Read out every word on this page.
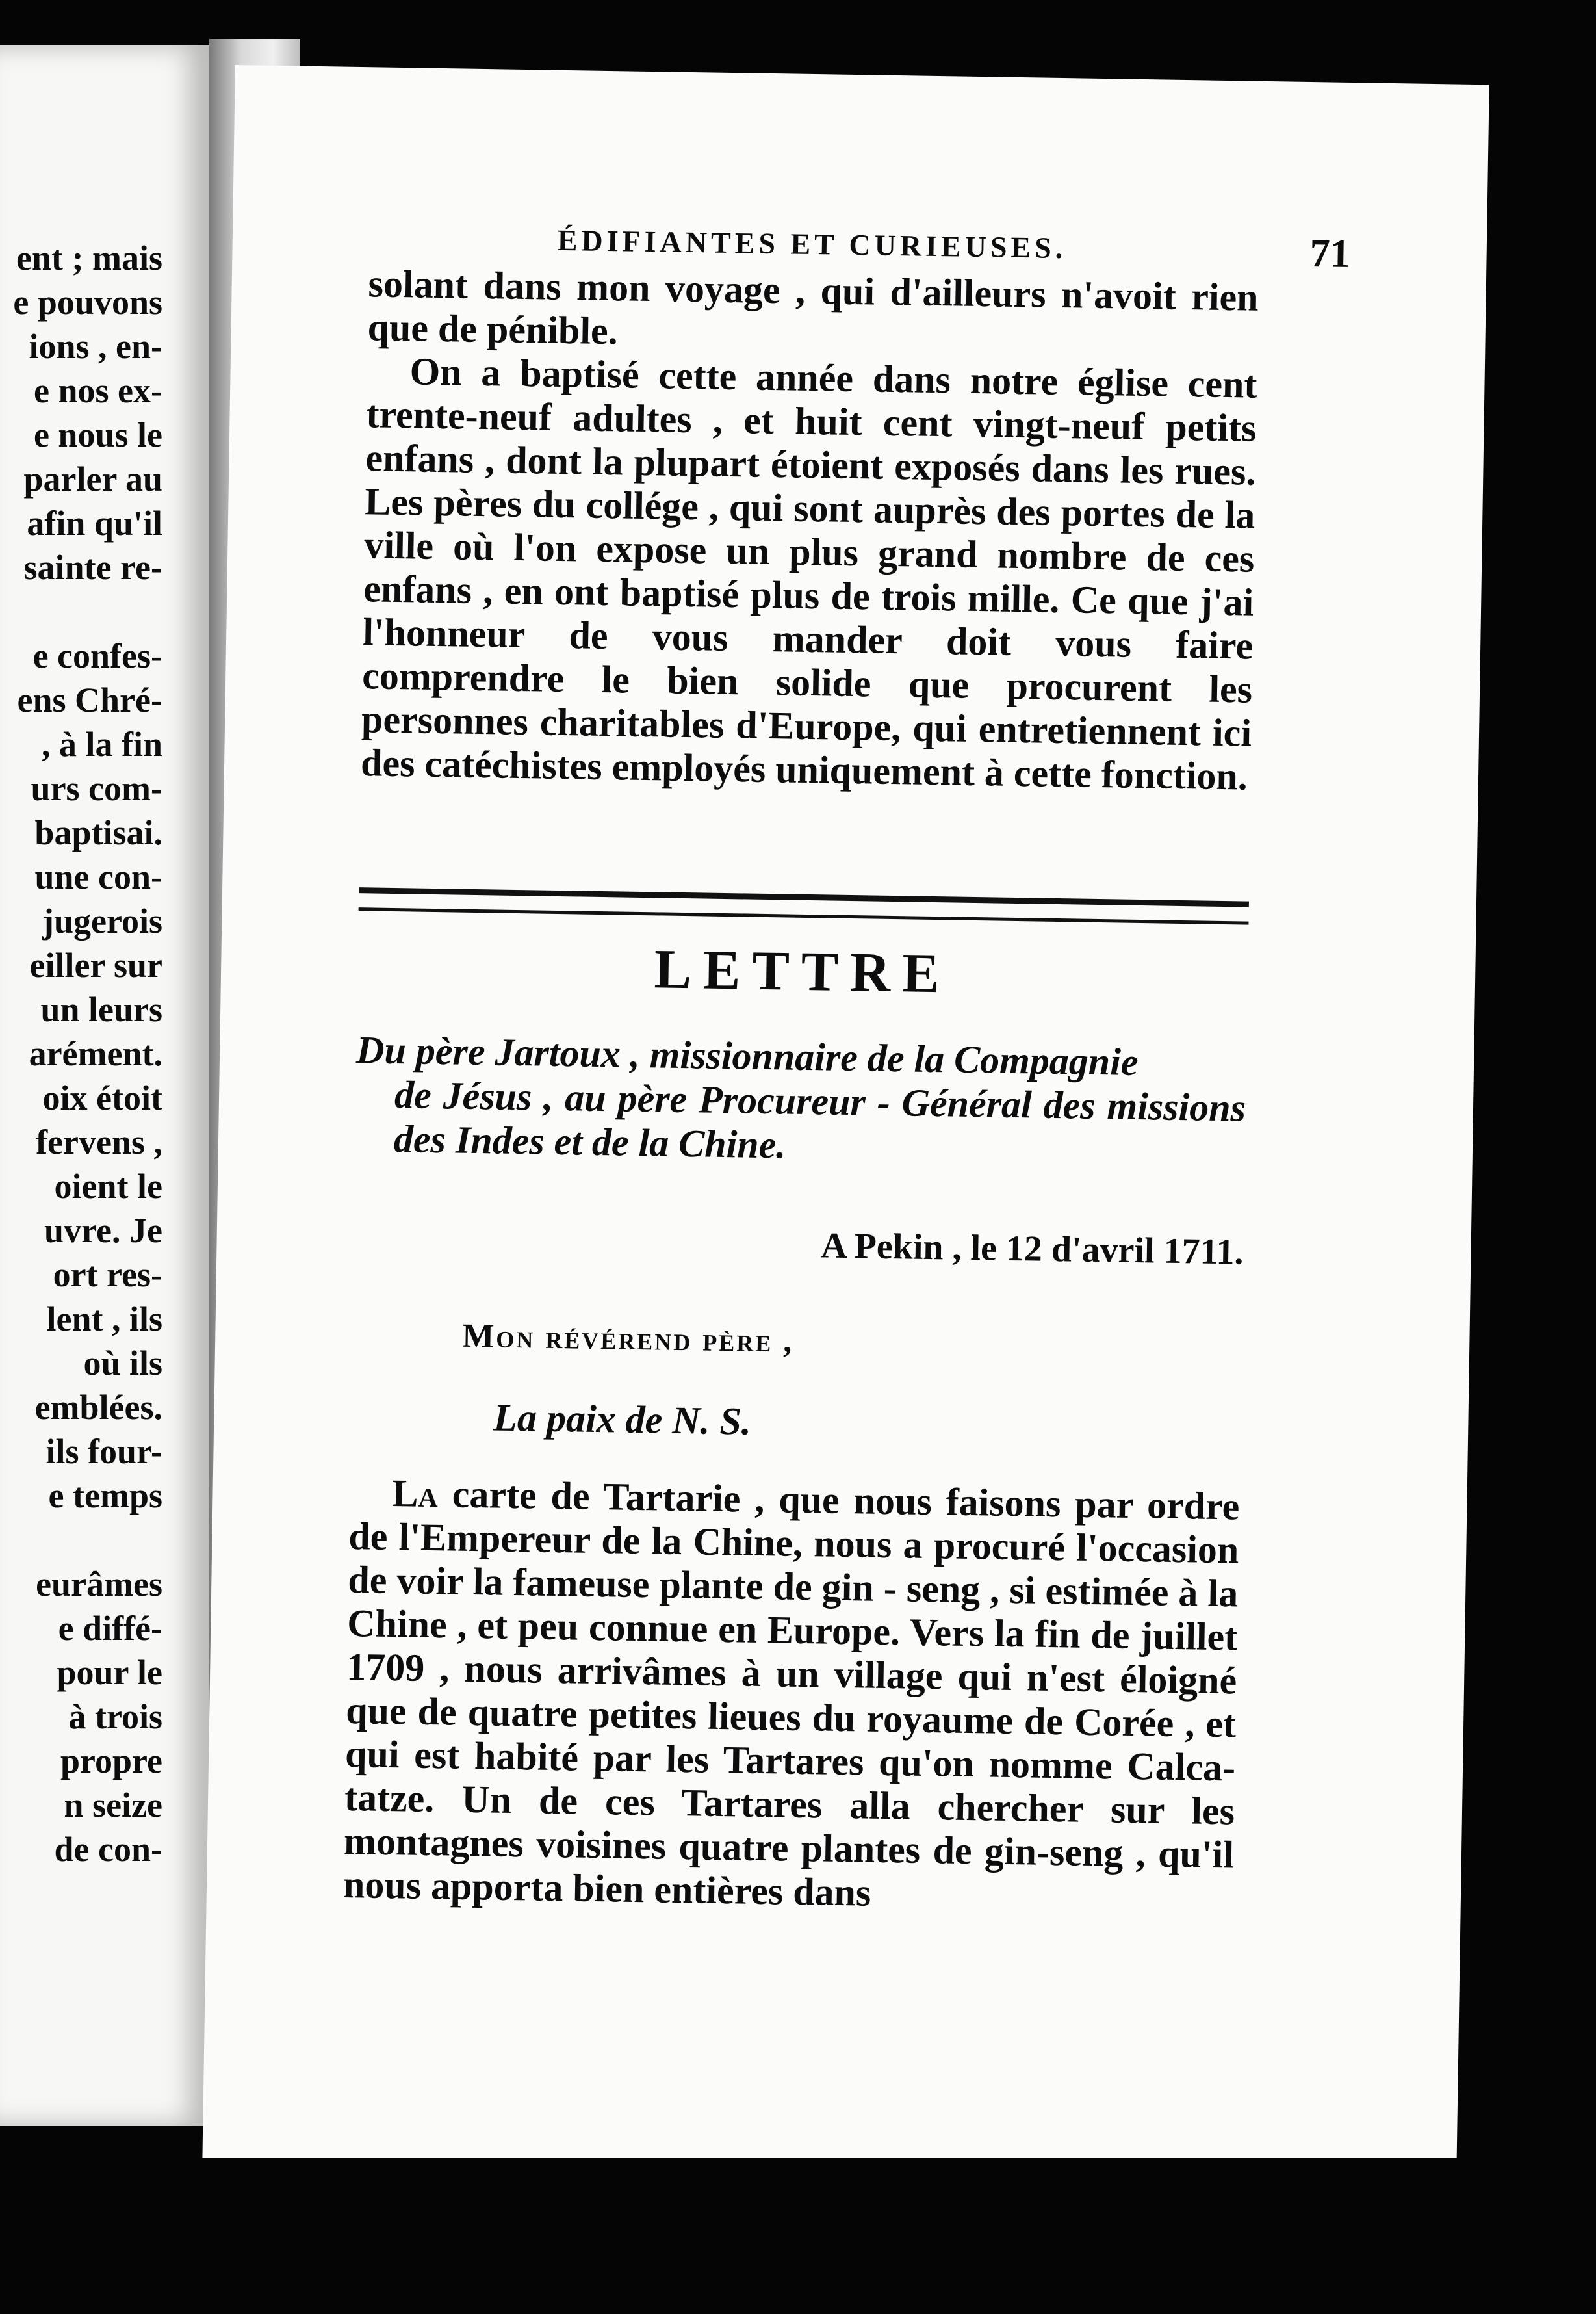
ent ; mais
e pouvons
ions , en-
e nos ex-
e nous le
parler au
afin qu'il
sainte re-
e confes-
ens Chré-
, à la fin
urs com-
baptisai.
une con-
jugerois
eiller sur
un leurs
arément.
oix étoit
fervens ,
oient le
uvre. Je
ort res-
lent , ils
où ils
emblées.
ils four-
e temps
eurâmes
e diffé-
pour le
à trois
propre
n seize
de con-
ÉDIFIANTES ET CURIEUSES.	71

solant dans mon voyage , qui d'ailleurs n'avoit rien que de pénible.

On a baptisé cette année dans notre église cent trente-neuf adultes , et huit cent vingt-neuf petits enfans , dont la plupart étoient exposés dans les rues. Les pères du collége , qui sont auprès des portes de la ville où l'on expose un plus grand nombre de ces enfans , en ont baptisé plus de trois mille. Ce que j'ai l'honneur de vous mander doit vous faire comprendre le bien solide que procurent les personnes charitables d'Europe, qui entretiennent ici des catéchistes employés uniquement à cette fonction.

LETTRE
Du père Jartoux , missionnaire de la Compagnie
de Jésus , au père Procureur - Général des missions des Indes et de la Chine.
A Pekin , le 12 d'avril 1711.
Mon révérend père ,
La paix de N. S.

La carte de Tartarie , que nous faisons par ordre de l'Empereur de la Chine, nous a procuré l'occasion de voir la fameuse plante de gin - seng , si estimée à la Chine , et peu connue en Europe. Vers la fin de juillet 1709 , nous arrivâmes à un village qui n'est éloigné que de quatre petites lieues du royaume de Corée , et qui est habité par les Tartares qu'on nomme Calca-tatze. Un de ces Tartares alla chercher sur les montagnes voisines quatre plantes de gin-seng , qu'il nous apporta bien entières dans
